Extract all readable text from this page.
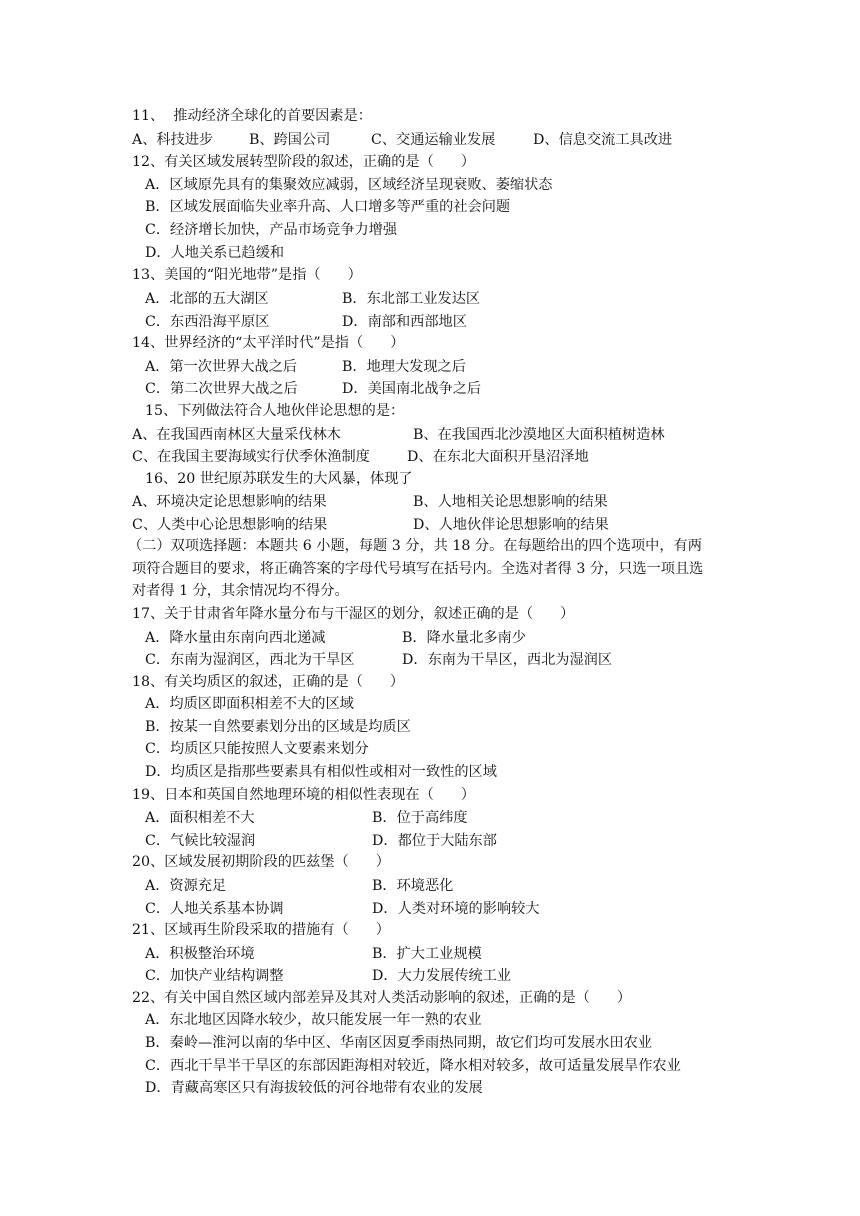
11、  推动经济全球化的首要因素是：
A、科技进步	B、跨国公司	C、交通运输业发展	D、信息交流工具改进
12、有关区域发展转型阶段的叙述，正确的是（      ）
A．区域原先具有的集聚效应减弱，区域经济呈现衰败、萎缩状态
B．区域发展面临失业率升高、人口增多等严重的社会问题
C．经济增长加快，产品市场竞争力增强
D．人地关系已趋缓和
13、美国的“阳光地带”是指（      ）
A．北部的五大湖区	B．东北部工业发达区
C．东西沿海平原区	D．南部和西部地区
14、世界经济的“太平洋时代”是指（      ）
A．第一次世界大战之后	B．地理大发现之后
C．第二次世界大战之后	D．美国南北战争之后
15、下列做法符合人地伙伴论思想的是：
A、在我国西南林区大量采伐林木	B、在我国西北沙漠地区大面积植树造林
C、在我国主要海域实行伏季休渔制度	D、在东北大面积开垦沼泽地
16、20 世纪原苏联发生的大风暴，体现了
A、环境决定论思想影响的结果	B、人地相关论思想影响的结果
C、人类中心论思想影响的结果	D、人地伙伴论思想影响的结果
（二）双项选择题：本题共 6 小题，每题 3 分，共 18 分。在每题给出的四个选项中，有两
项符合题目的要求，将正确答案的字母代号填写在括号内。全选对者得 3 分，只选一项且选
对者得 1 分，其余情况均不得分。
17、关于甘肃省年降水量分布与干湿区的划分，叙述正确的是（      ）
A．降水量由东南向西北递减	B．降水量北多南少
C．东南为湿润区，西北为干旱区	D．东南为干旱区，西北为湿润区
18、有关均质区的叙述，正确的是（      ）
A．均质区即面积相差不大的区域
B．按某一自然要素划分出的区域是均质区
C．均质区只能按照人文要素来划分
D．均质区是指那些要素具有相似性或相对一致性的区域
19、日本和英国自然地理环境的相似性表现在（      ）
A．面积相差不大	B．位于高纬度
C．气候比较湿润	D．都位于大陆东部
20、区域发展初期阶段的匹兹堡（      ）
A．资源充足	B．环境恶化
C．人地关系基本协调	D．人类对环境的影响较大
21、区域再生阶段采取的措施有（      ）
A．积极整治环境	B．扩大工业规模
C．加快产业结构调整	D．大力发展传统工业
22、有关中国自然区域内部差异及其对人类活动影响的叙述，正确的是（      ）
A．东北地区因降水较少，故只能发展一年一熟的农业
B．秦岭—淮河以南的华中区、华南区因夏季雨热同期，故它们均可发展水田农业
C．西北干旱半干旱区的东部因距海相对较近，降水相对较多，故可适量发展旱作农业
D．青藏高寒区只有海拔较低的河谷地带有农业的发展
